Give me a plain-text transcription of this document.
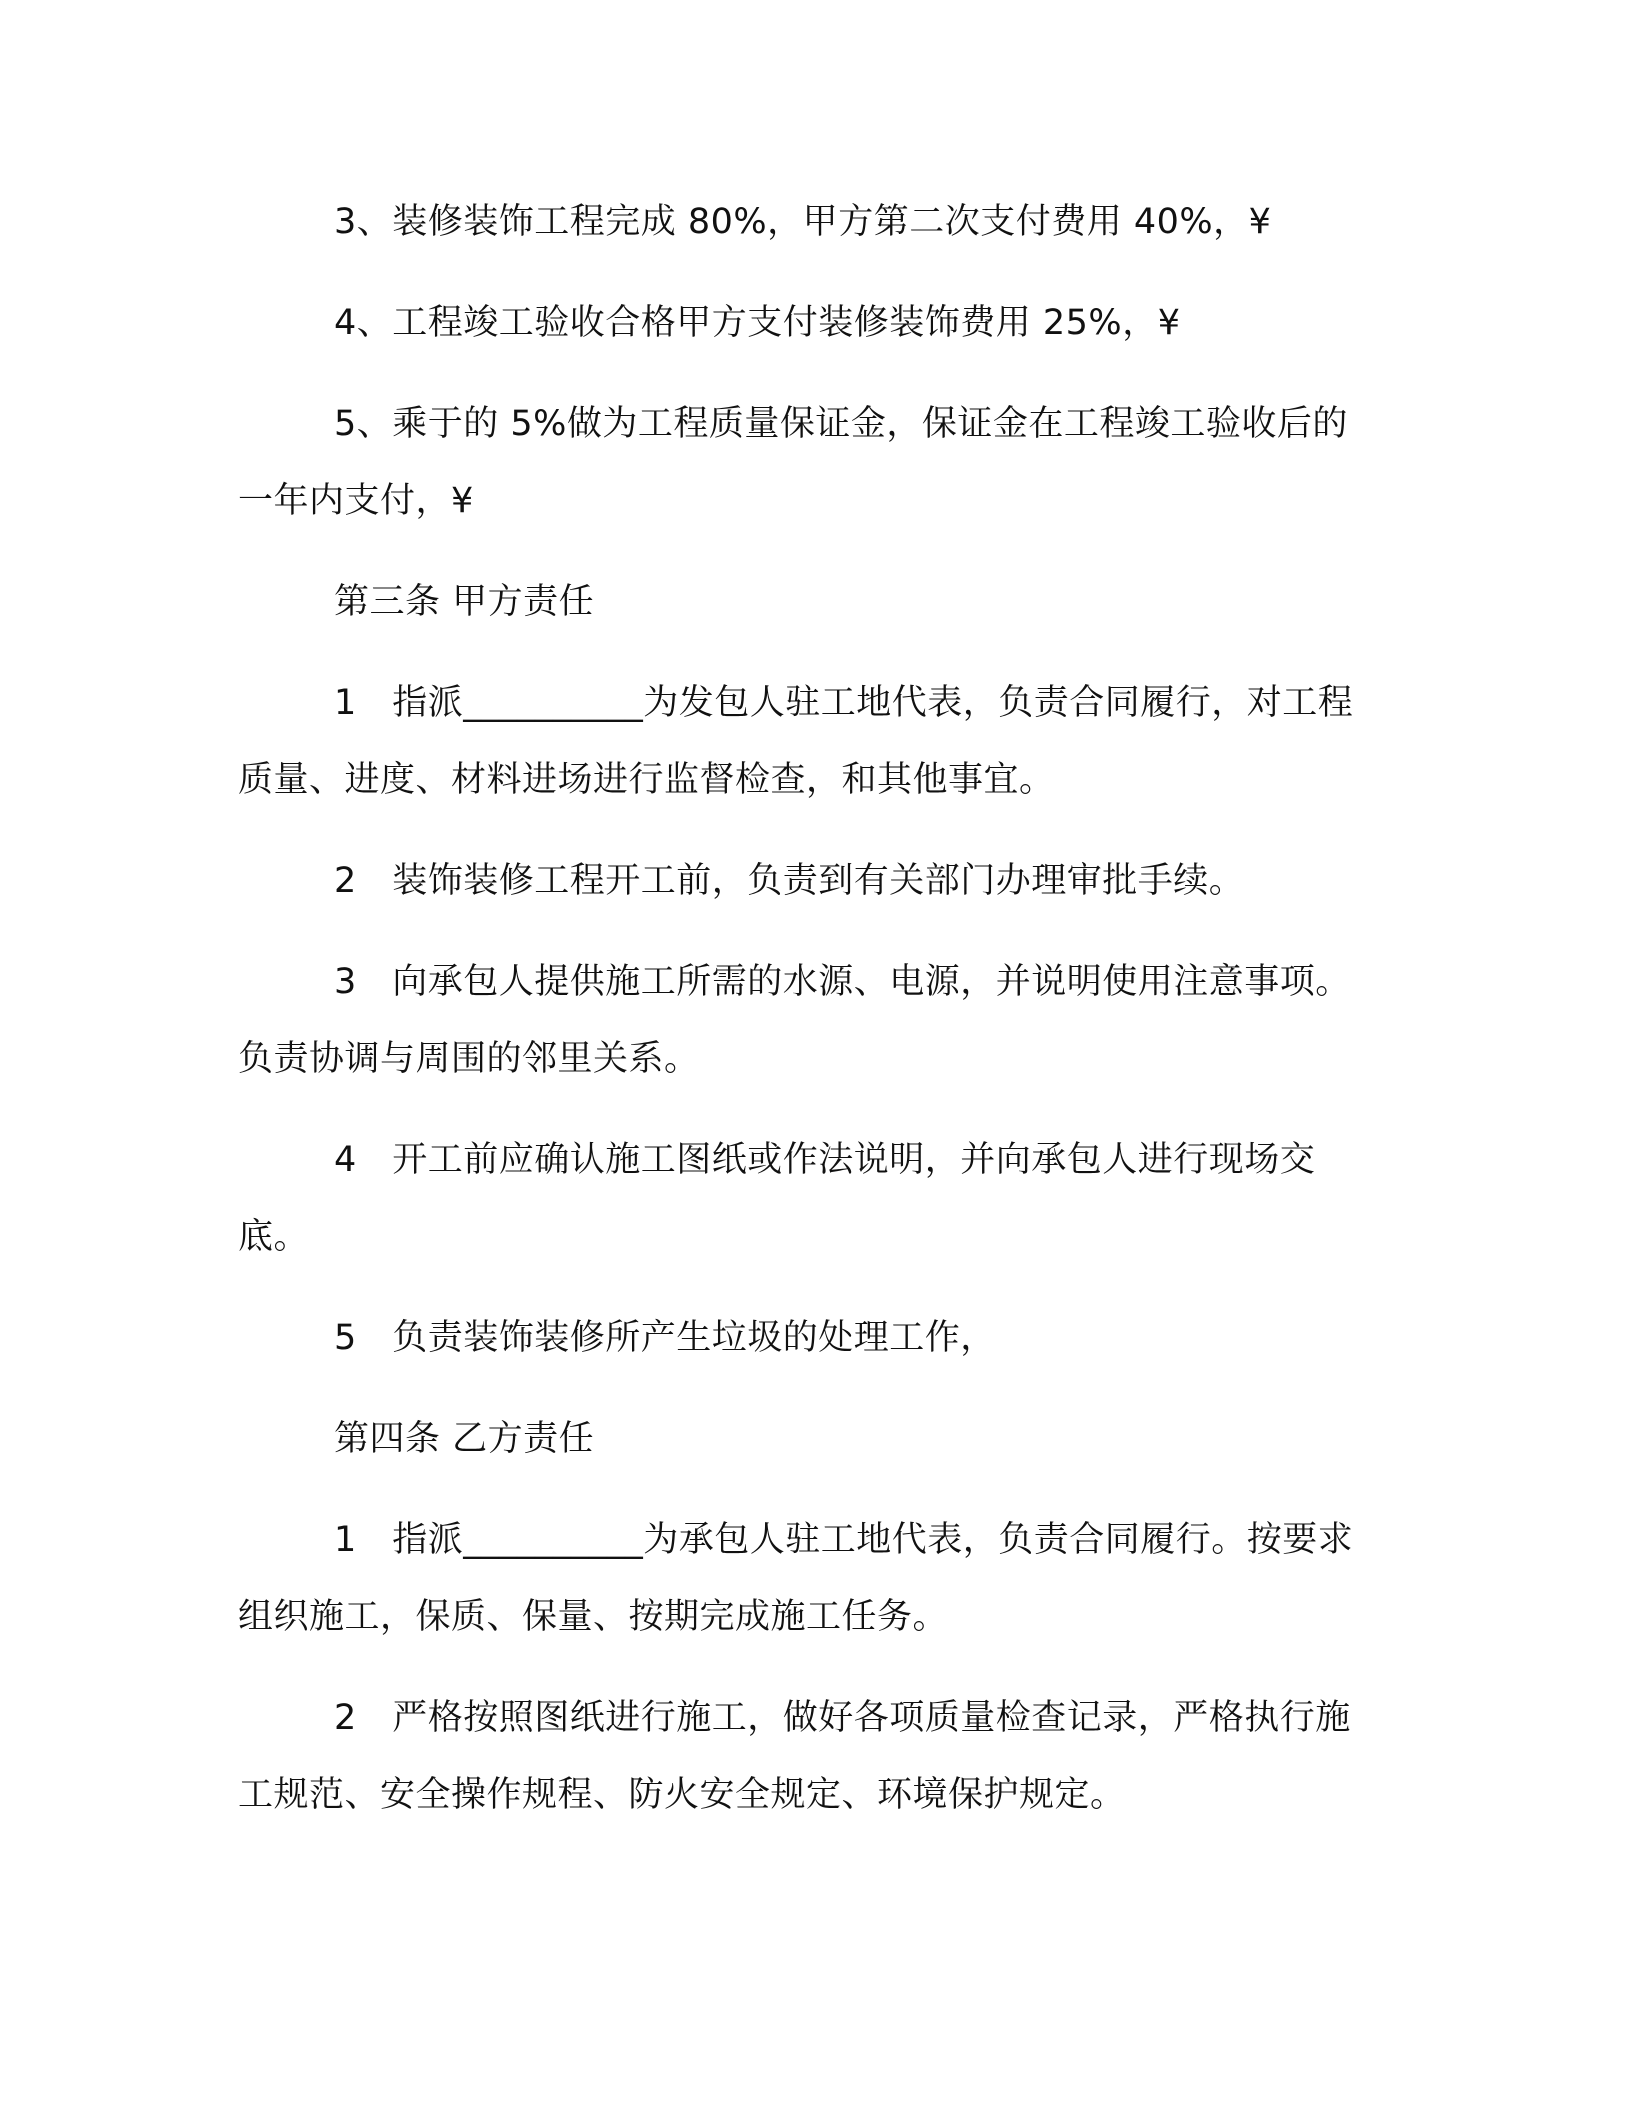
3、装修装饰工程完成 80%，甲方第二次支付费用 40%，¥

4、工程竣工验收合格甲方支付装修装饰费用 25%，¥

5、乘于的 5%做为工程质量保证金，保证金在工程竣工验收后的一年内支付，¥

第三条 甲方责任

1　指派__________为发包人驻工地代表，负责合同履行，对工程质量、进度、材料进场进行监督检查，和其他事宜。

2　装饰装修工程开工前，负责到有关部门办理审批手续。

3　向承包人提供施工所需的水源、电源，并说明使用注意事项。负责协调与周围的邻里关系。

4　开工前应确认施工图纸或作法说明，并向承包人进行现场交底。

5　负责装饰装修所产生垃圾的处理工作，

第四条 乙方责任

1　指派__________为承包人驻工地代表，负责合同履行。按要求组织施工，保质、保量、按期完成施工任务。

2　严格按照图纸进行施工，做好各项质量检查记录，严格执行施工规范、安全操作规程、防火安全规定、环境保护规定。
